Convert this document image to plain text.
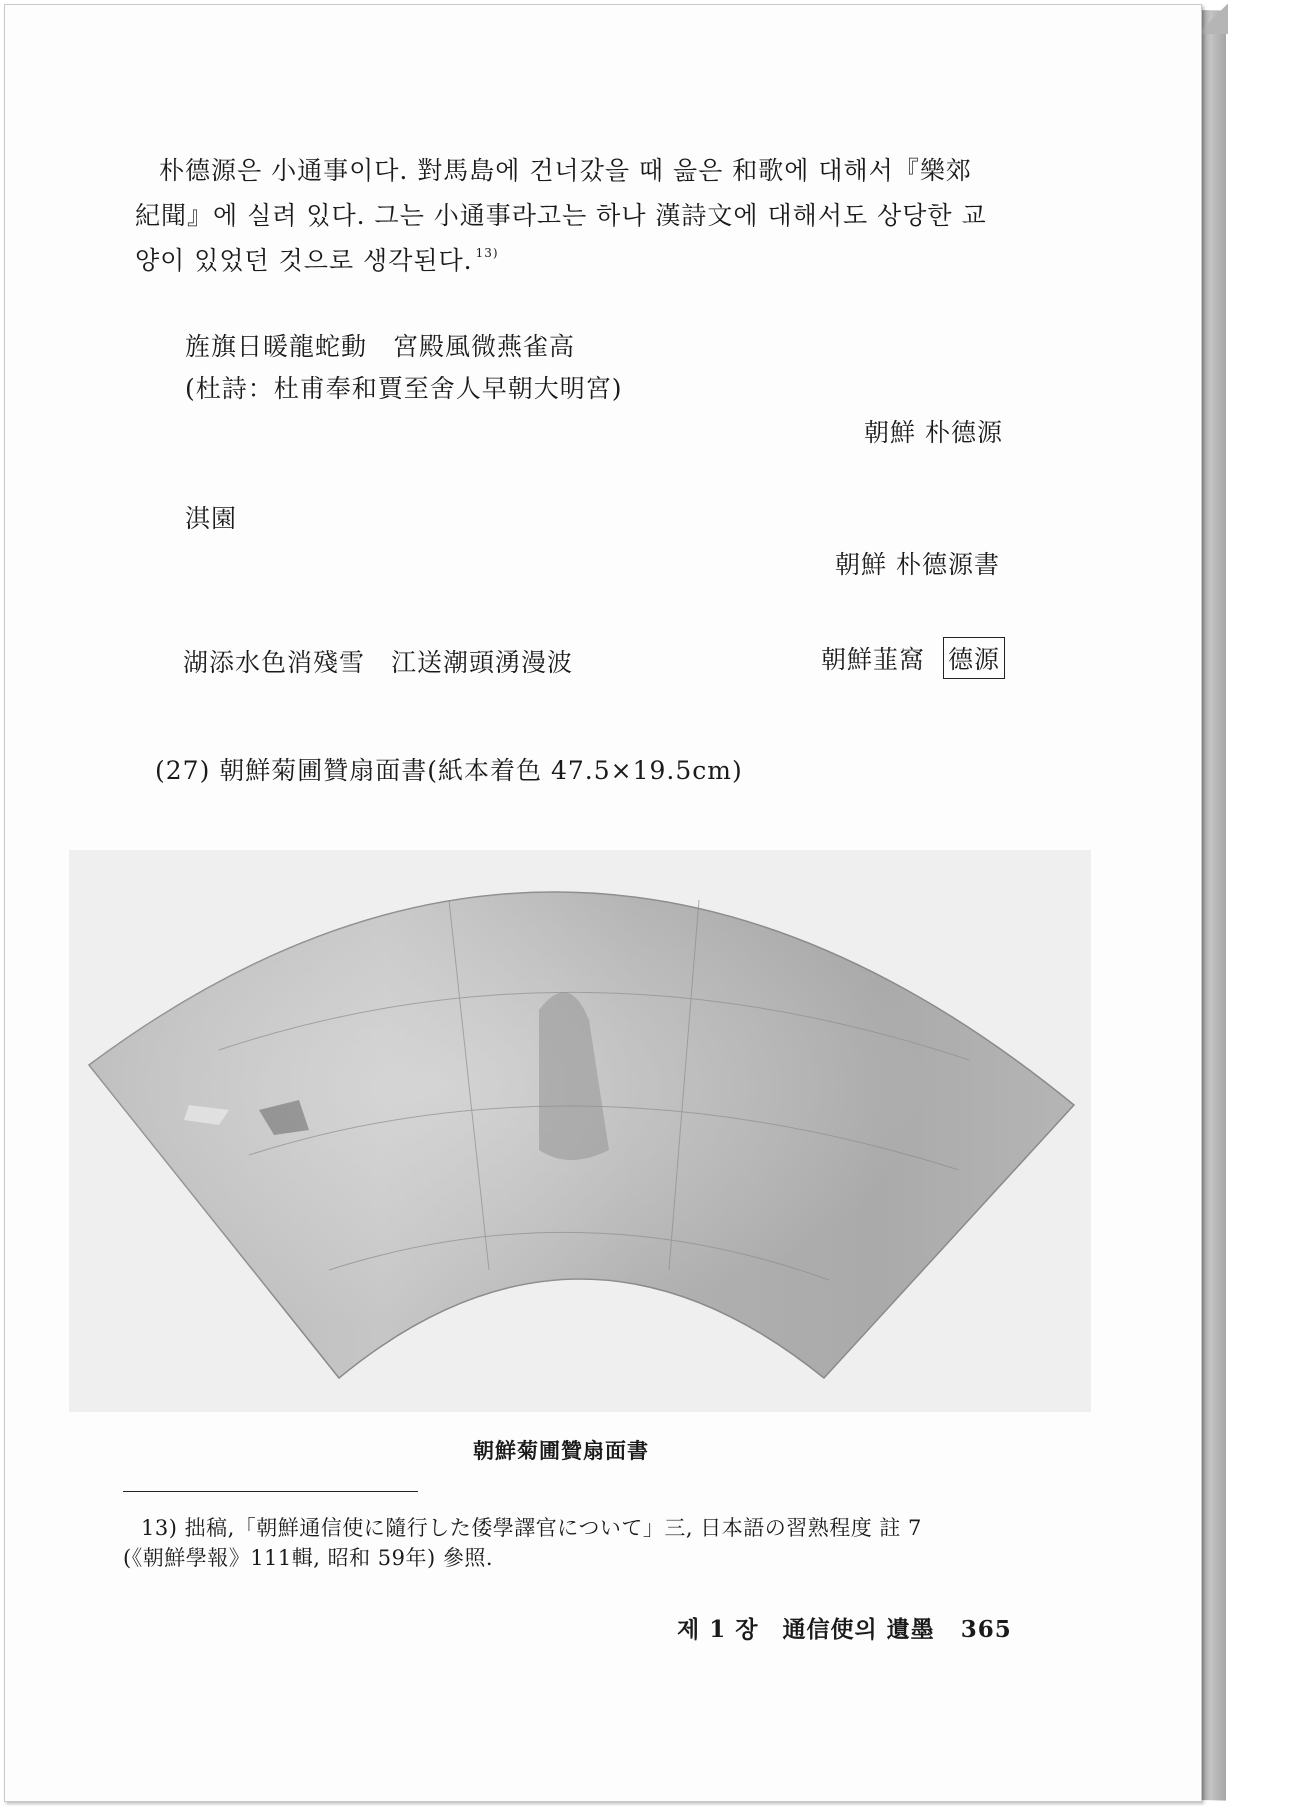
朴德源은 小通事이다. 對馬島에 건너갔을 때 읊은 和歌에 대해서『樂郊
紀聞』에 실려 있다. 그는 小通事라고는 하나 漢詩文에 대해서도 상당한 교
양이 있었던 것으로 생각된다. $^{13)}$
旌旗日暖龍蛇動　宮殿風微燕雀高
(杜詩：杜甫奉和賈至舍人早朝大明宮)
朝鮮 朴德源
淇園
朝鮮 朴德源書
湖添水色消殘雪　江送潮頭湧漫波	朝鮮韮窩 德源
(27) 朝鮮菊圃贊扇面書(紙本着色 47.5×19.5cm)
朝鮮菊圃贊扇面書
13) 拙稿,「朝鮮通信使に隨行した倭學譯官について」三, 日本語の習熟程度 註 7
(《朝鮮學報》111輯, 昭和 59年) 參照.
제 1 장　通信使의 遺墨 365
